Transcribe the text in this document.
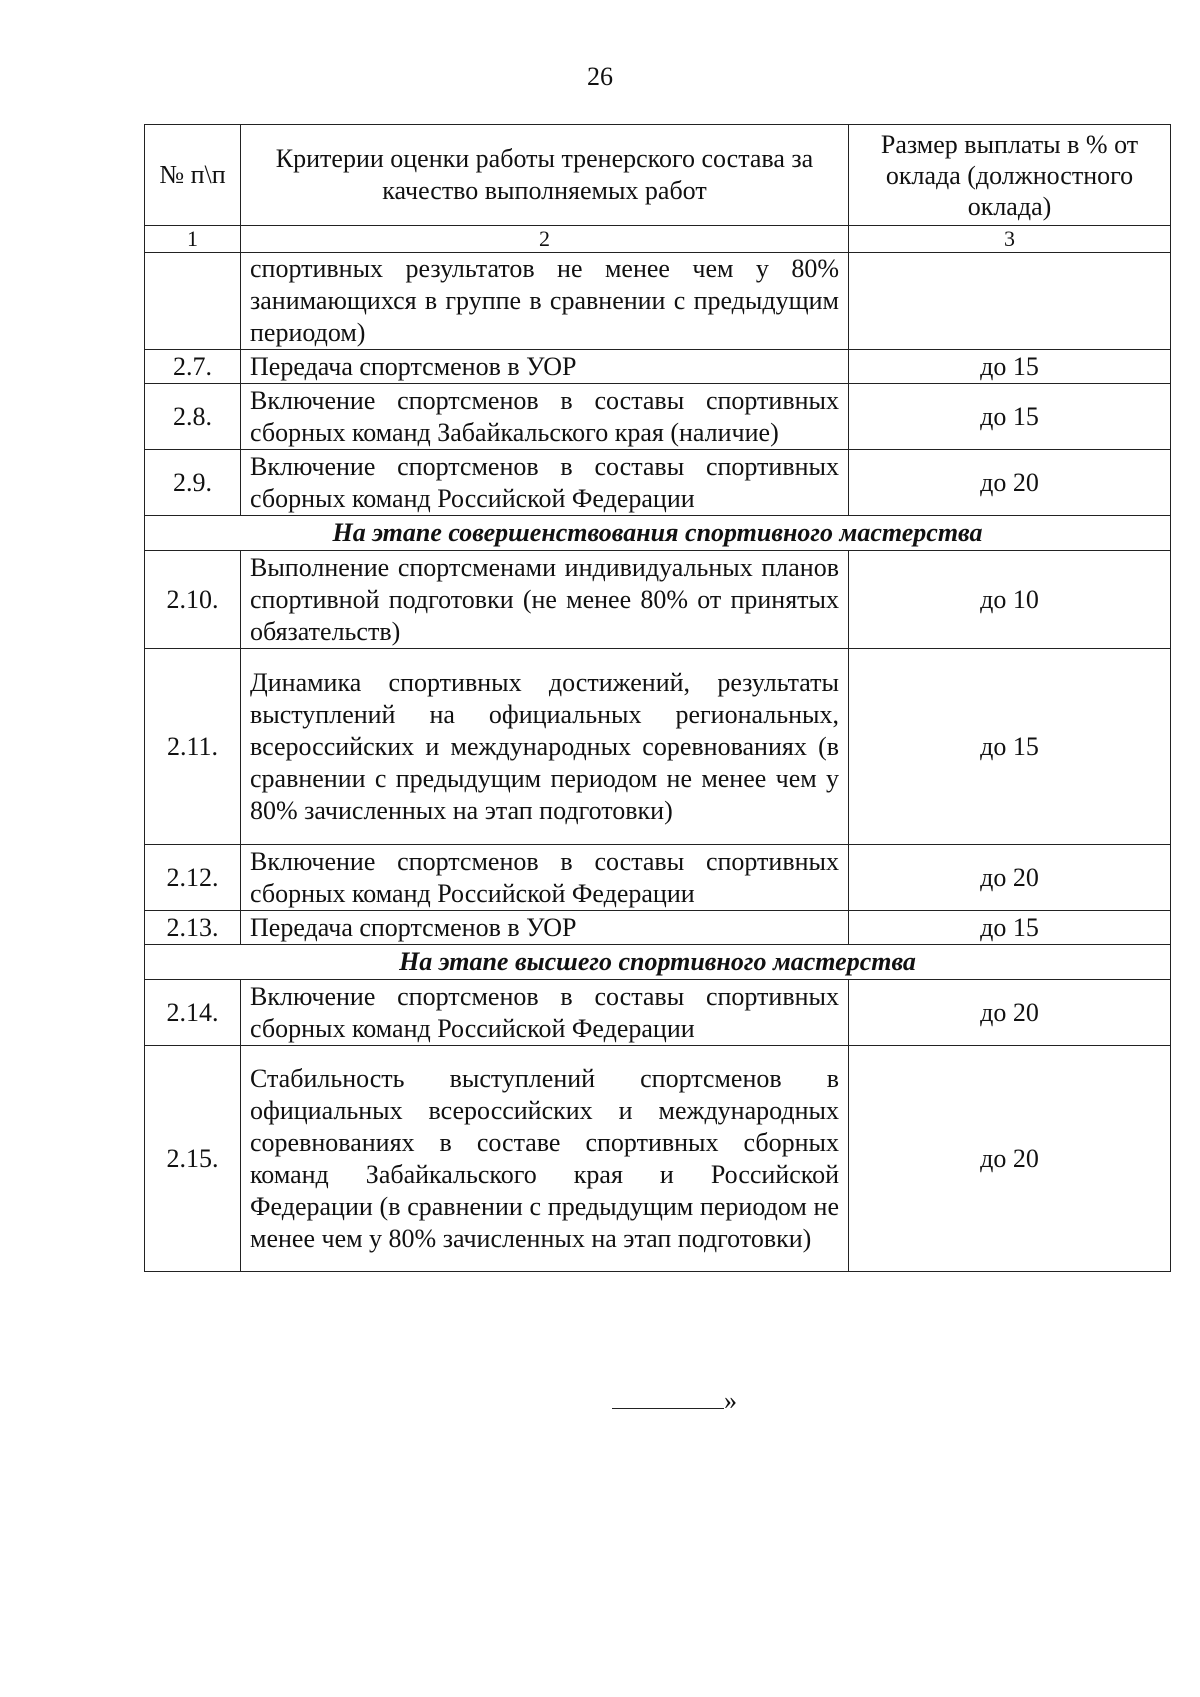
26
№ п\п	Критерии оценки работы тренерского состава за качество выполняемых работ	Размер выплаты в % от оклада (должностного оклада)
1	2	3
	спортивных результатов не менее чем у 80% занимающихся в группе в сравнении с предыдущим периодом)	
2.7.	Передача спортсменов в УОР	до 15
2.8.	Включение спортсменов в составы спортивных сборных команд Забайкальского края (наличие)	до 15
2.9.	Включение спортсменов в составы спортивных сборных команд Российской Федерации	до 20
На этапе совершенствования спортивного мастерства		
2.10.	Выполнение спортсменами индивидуальных планов спортивной подготовки (не менее 80% от принятых обязательств)	до 10
2.11.	Динамика спортивных достижений, результаты выступлений на официальных региональных, всероссийских и международных соревнованиях (в сравнении с предыдущим периодом не менее чем у 80% зачисленных на этап подготовки)	до 15
2.12.	Включение спортсменов в составы спортивных сборных команд Российской Федерации	до 20
2.13.	Передача спортсменов в УОР	до 15
На этапе высшего спортивного мастерства		
2.14.	Включение спортсменов в составы спортивных сборных команд Российской Федерации	до 20
2.15.	Стабильность выступлений спортсменов в официальных всероссийских и международных соревнованиях в составе спортивных сборных команд Забайкальского края и Российской Федерации (в сравнении с предыдущим периодом не менее чем у 80% зачисленных на этап подготовки)	до 20
»
